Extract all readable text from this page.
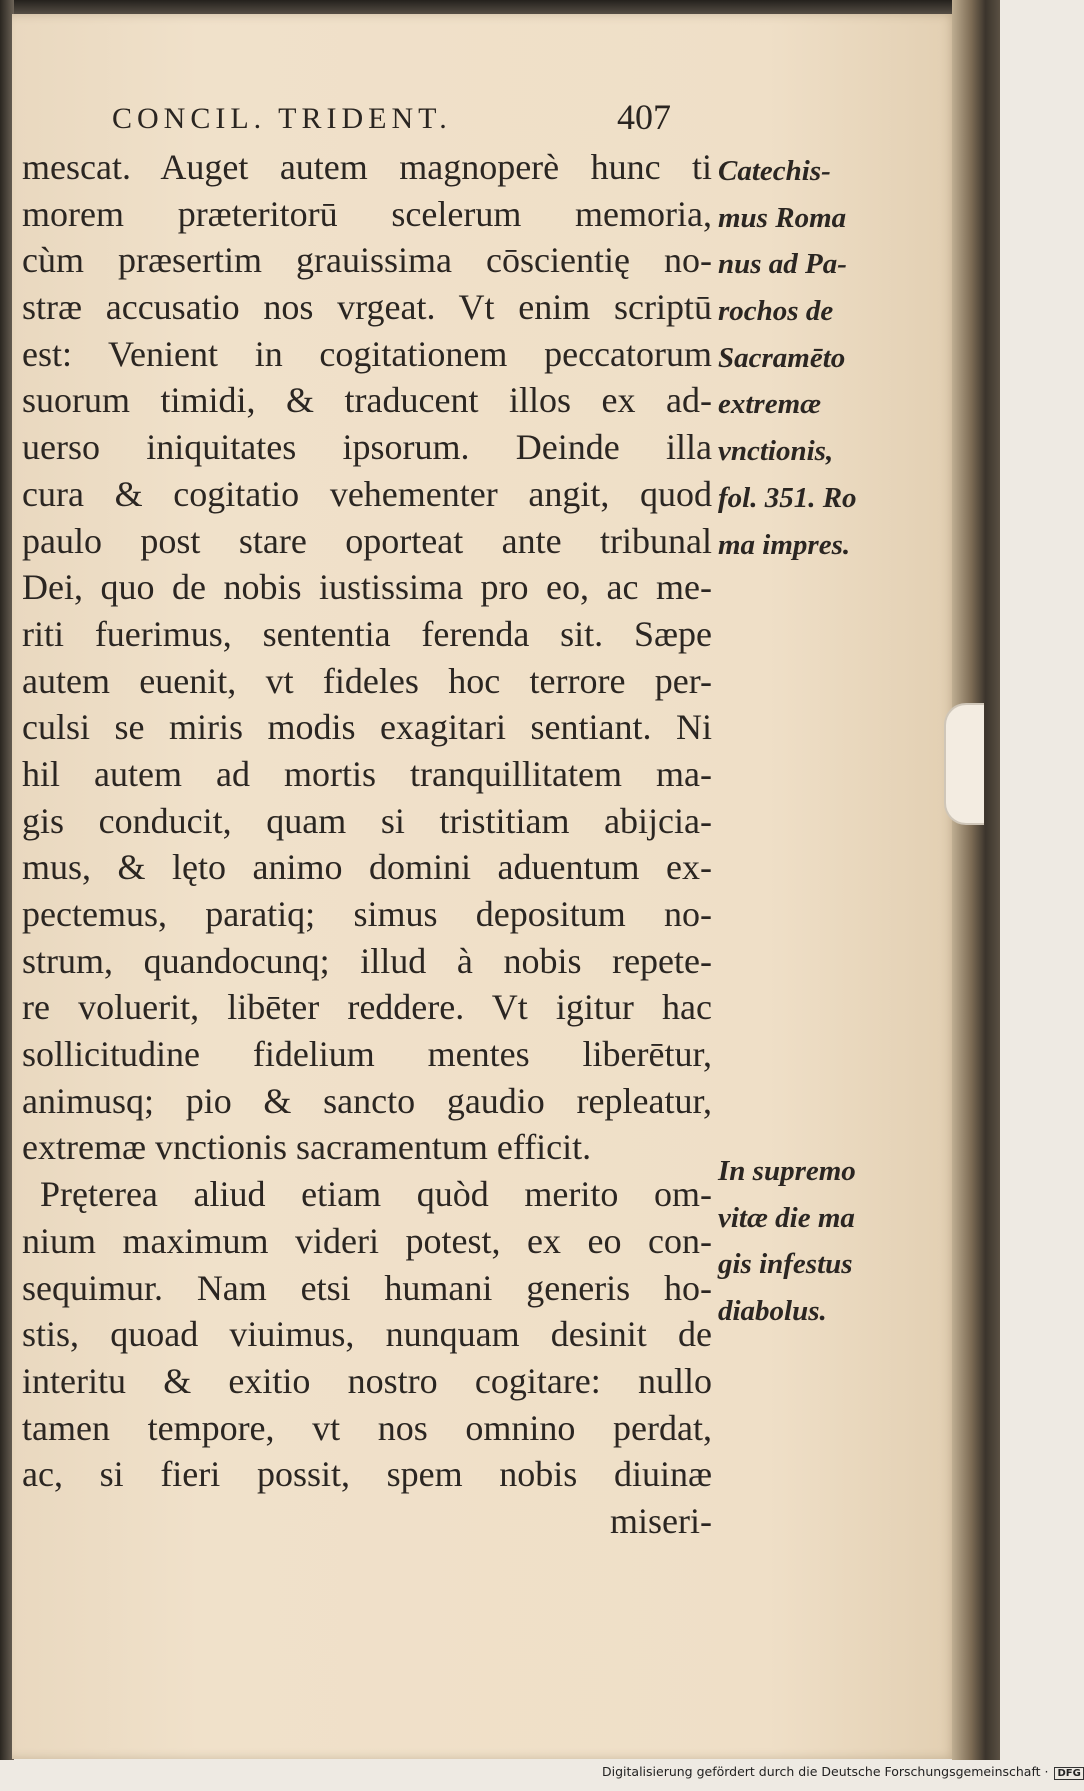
CONCIL. TRIDENT.	407
mescat. Auget autem magnoperè hunc ti
morem præteritorū scelerum memoria,
cùm præsertim grauissima cōscientię no-
stræ accusatio nos vrgeat. Vt enim scriptū
est: Venient in cogitationem peccatorum
suorum timidi, & traducent illos ex ad-
uerso iniquitates ipsorum. Deinde illa
cura & cogitatio vehementer angit, quod
paulo post stare oporteat ante tribunal
Dei, quo de nobis iustissima pro eo, ac me-
riti fuerimus, sententia ferenda sit. Sæpe
autem euenit, vt fideles hoc terrore per-
culsi se miris modis exagitari sentiant. Ni
hil autem ad mortis tranquillitatem ma-
gis conducit, quam si tristitiam abijcia-
mus, & lęto animo domini aduentum ex-
pectemus, paratiq; simus depositum no-
strum, quandocunq; illud à nobis repete-
re voluerit, libēter reddere. Vt igitur hac
sollicitudine fidelium mentes liberētur,
animusq; pio & sancto gaudio repleatur,
extremæ vnctionis sacramentum efficit.
Pręterea aliud etiam quòd merito om-
nium maximum videri potest, ex eo con-
sequimur. Nam etsi humani generis ho-
stis, quoad viuimus, nunquam desinit de
interitu & exitio nostro cogitare: nullo
tamen tempore, vt nos omnino perdat,
ac, si fieri possit, spem nobis diuinæ
miseri-
Catechis-
mus Roma
nus ad Pa-
rochos de
Sacramēto
extremæ
vnctionis,
fol. 351. Ro
ma impres.
In supremo
vitæ die ma
gis infestus
diabolus.
Digitalisierung gefördert durch die Deutsche Forschungsgemeinschaft · DFG
